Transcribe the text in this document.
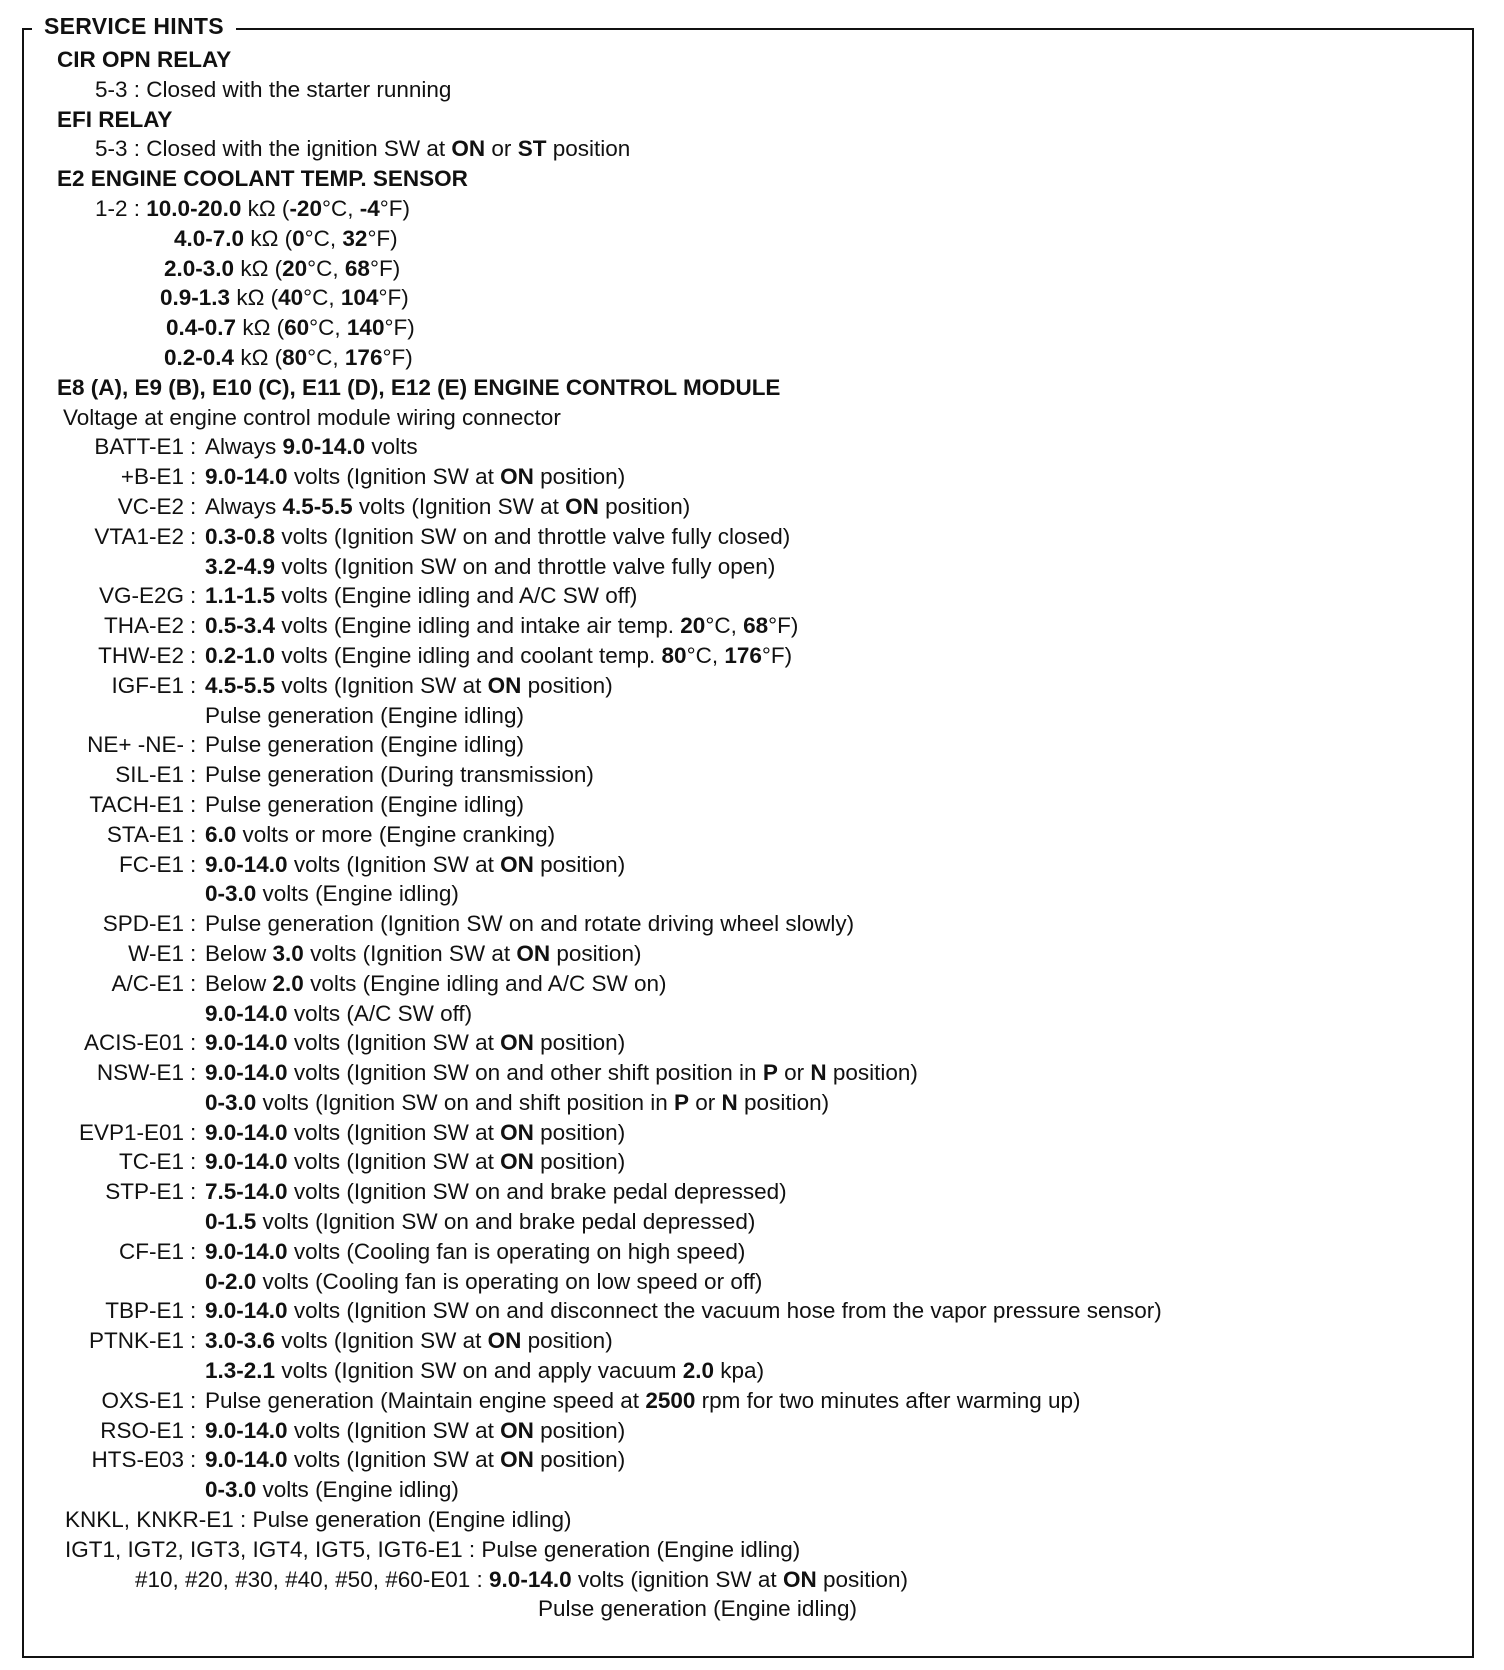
SERVICE HINTS
CIR OPN RELAY
5-3 : Closed with the starter running
EFI RELAY
5-3 : Closed with the ignition SW at ON or ST position
E2 ENGINE COOLANT TEMP. SENSOR
1-2 : 10.0-20.0 kΩ (-20°C, -4°F)
4.0-7.0 kΩ (0°C, 32°F)
2.0-3.0 kΩ (20°C, 68°F)
0.9-1.3 kΩ (40°C, 104°F)
0.4-0.7 kΩ (60°C, 140°F)
0.2-0.4 kΩ (80°C, 176°F)
E8 (A), E9 (B), E10 (C), E11 (D), E12 (E) ENGINE CONTROL MODULE
Voltage at engine control module wiring connector
BATT-E1 : Always 9.0-14.0 volts
+B-E1 : 9.0-14.0 volts (Ignition SW at ON position)
VC-E2 : Always 4.5-5.5 volts (Ignition SW at ON position)
VTA1-E2 : 0.3-0.8 volts (Ignition SW on and throttle valve fully closed)
3.2-4.9 volts (Ignition SW on and throttle valve fully open)
VG-E2G : 1.1-1.5 volts (Engine idling and A/C SW off)
THA-E2 : 0.5-3.4 volts (Engine idling and intake air temp. 20°C, 68°F)
THW-E2 : 0.2-1.0 volts (Engine idling and coolant temp. 80°C, 176°F)
IGF-E1 : 4.5-5.5 volts (Ignition SW at ON position)
Pulse generation (Engine idling)
NE+ -NE- : Pulse generation (Engine idling)
SIL-E1 : Pulse generation (During transmission)
TACH-E1 : Pulse generation (Engine idling)
STA-E1 : 6.0 volts or more (Engine cranking)
FC-E1 : 9.0-14.0 volts (Ignition SW at ON position)
0-3.0 volts (Engine idling)
SPD-E1 : Pulse generation (Ignition SW on and rotate driving wheel slowly)
W-E1 : Below 3.0 volts (Ignition SW at ON position)
A/C-E1 : Below 2.0 volts (Engine idling and A/C SW on)
9.0-14.0 volts (A/C SW off)
ACIS-E01 : 9.0-14.0 volts (Ignition SW at ON position)
NSW-E1 : 9.0-14.0 volts (Ignition SW on and other shift position in P or N position)
0-3.0 volts (Ignition SW on and shift position in P or N position)
EVP1-E01 : 9.0-14.0 volts (Ignition SW at ON position)
TC-E1 : 9.0-14.0 volts (Ignition SW at ON position)
STP-E1 : 7.5-14.0 volts (Ignition SW on and brake pedal depressed)
0-1.5 volts (Ignition SW on and brake pedal depressed)
CF-E1 : 9.0-14.0 volts (Cooling fan is operating on high speed)
0-2.0 volts (Cooling fan is operating on low speed or off)
TBP-E1 : 9.0-14.0 volts (Ignition SW on and disconnect the vacuum hose from the vapor pressure sensor)
PTNK-E1 : 3.0-3.6 volts (Ignition SW at ON position)
1.3-2.1 volts (Ignition SW on and apply vacuum 2.0 kpa)
OXS-E1 : Pulse generation (Maintain engine speed at 2500 rpm for two minutes after warming up)
RSO-E1 : 9.0-14.0 volts (Ignition SW at ON position)
HTS-E03 : 9.0-14.0 volts (Ignition SW at ON position)
0-3.0 volts (Engine idling)
KNKL, KNKR-E1 : Pulse generation (Engine idling)
IGT1, IGT2, IGT3, IGT4, IGT5, IGT6-E1 : Pulse generation (Engine idling)
#10, #20, #30, #40, #50, #60-E01 : 9.0-14.0 volts (ignition SW at ON position)
Pulse generation (Engine idling)
